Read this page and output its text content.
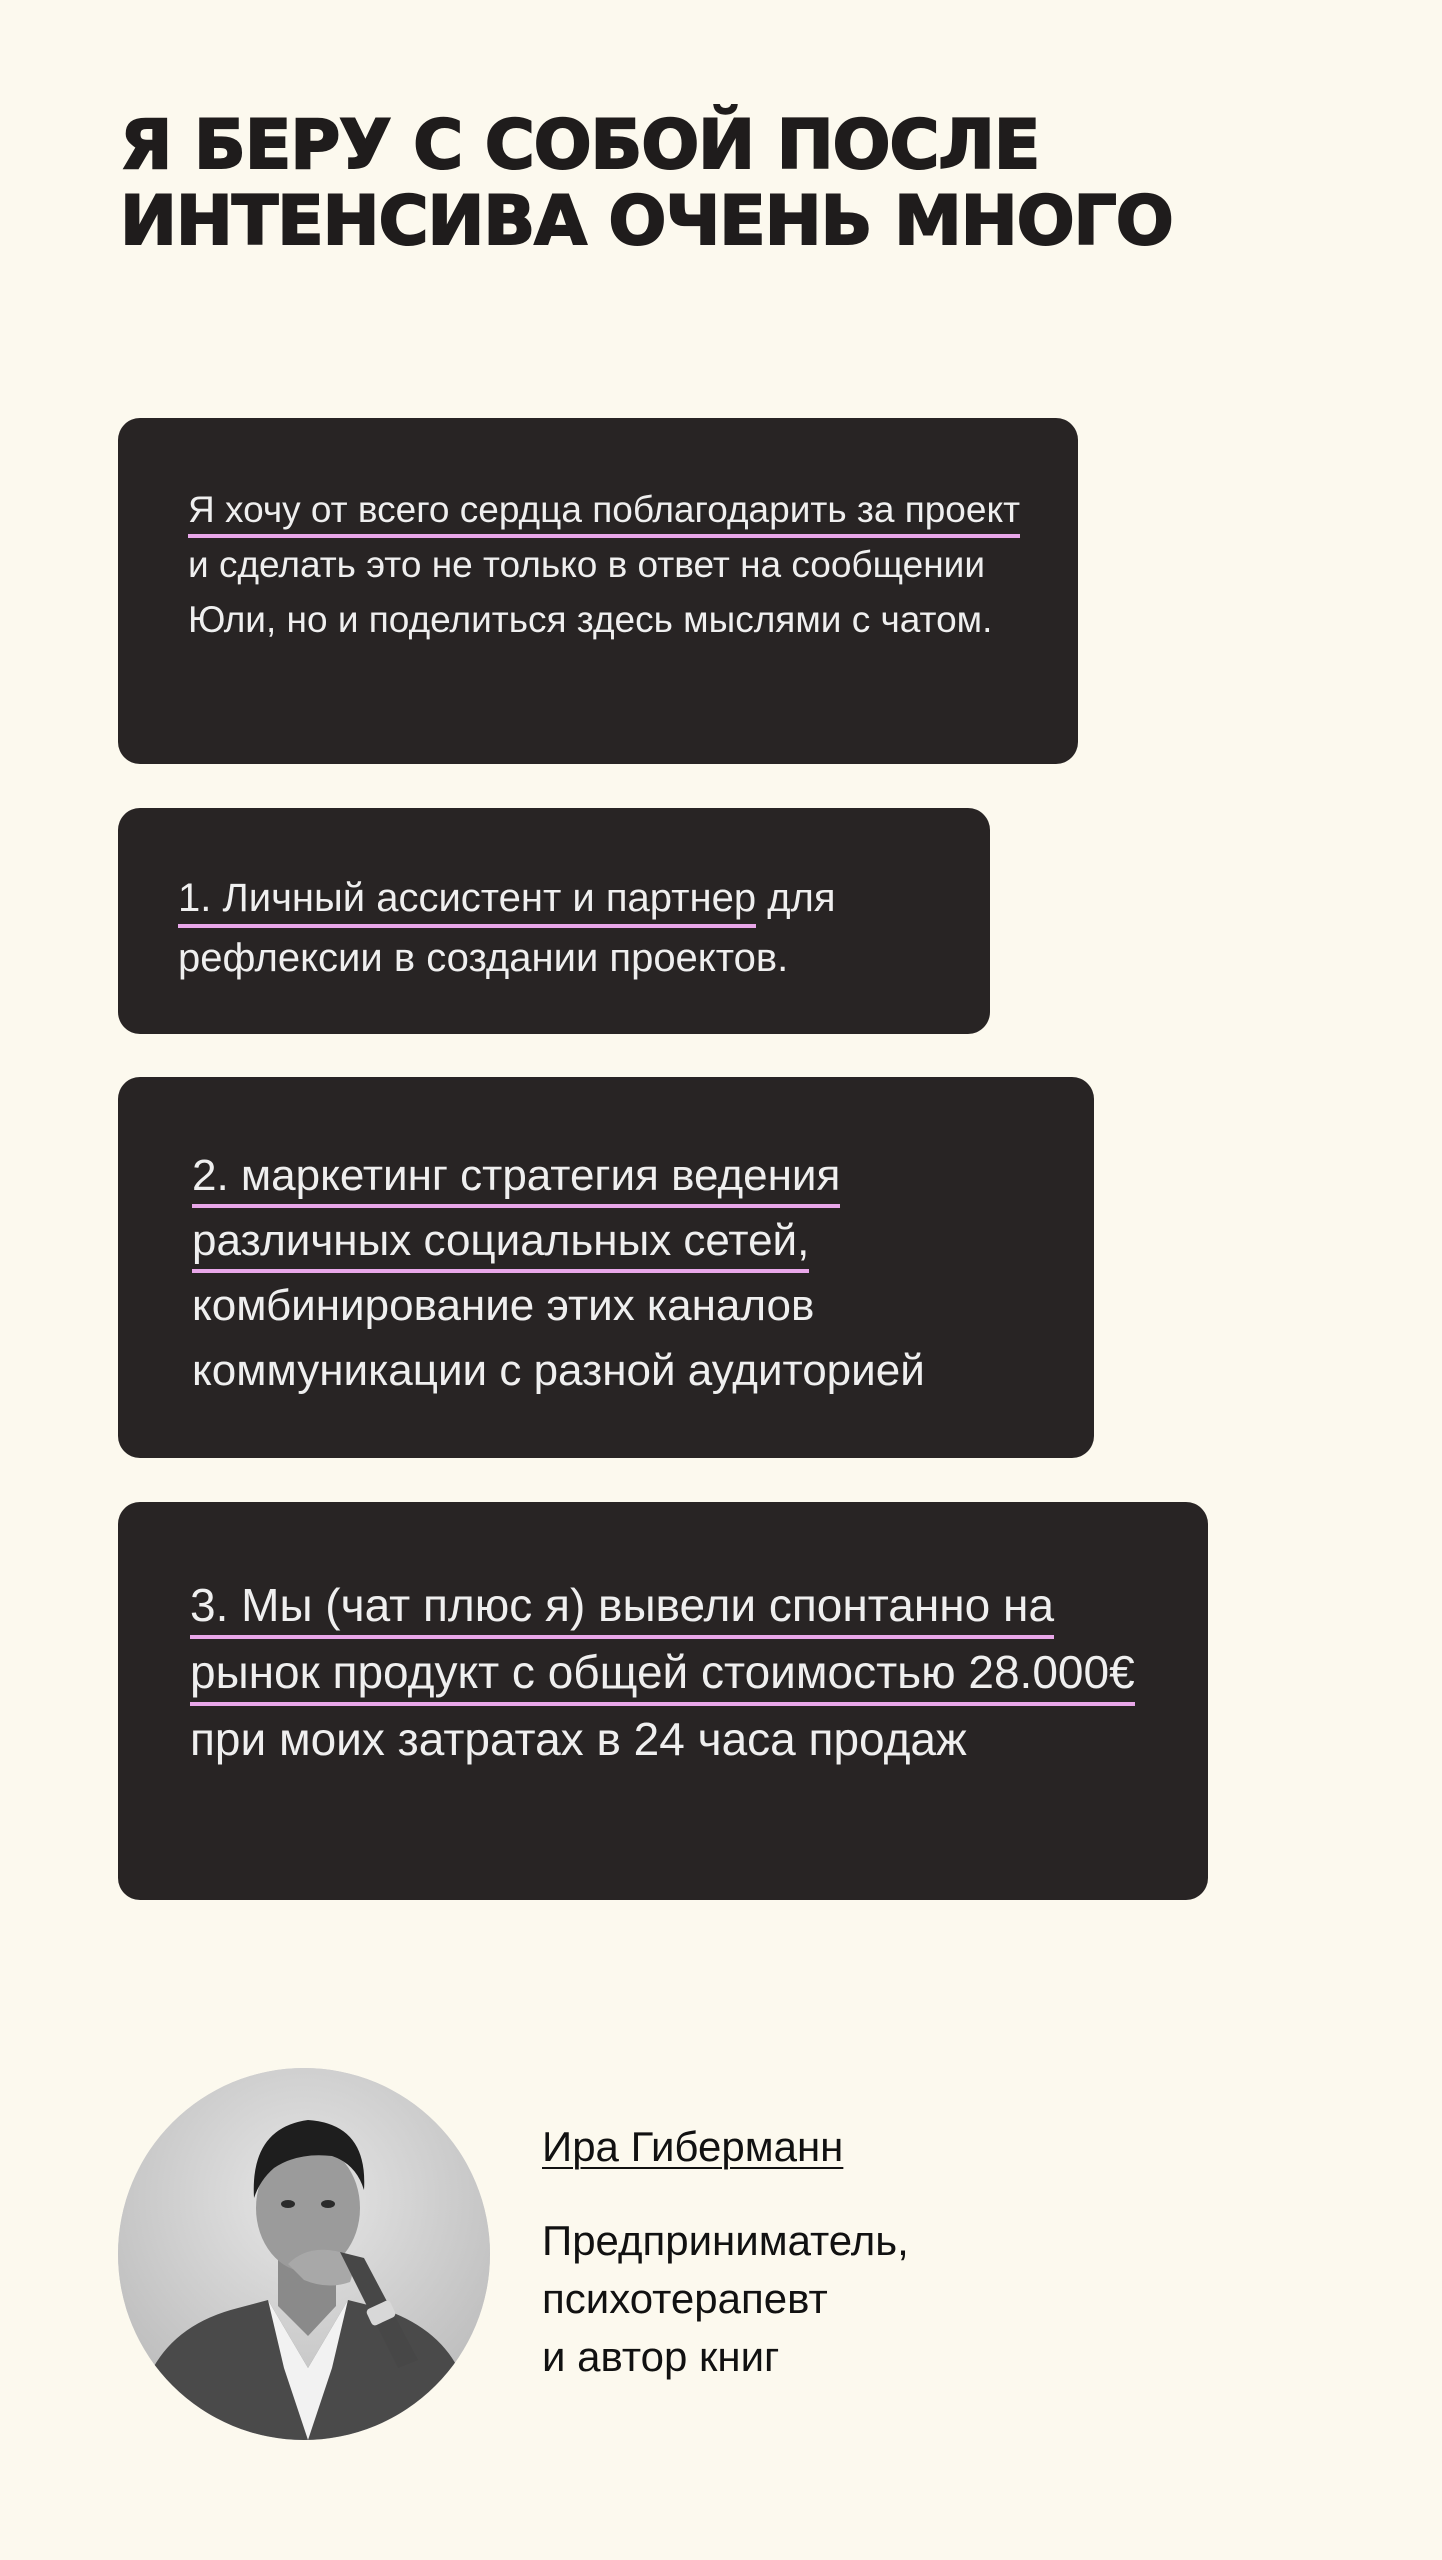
Я БЕРУ С СОБОЙ ПОСЛЕ ИНТЕНСИВА ОЧЕНЬ МНОГО

Я хочу от всего сердца поблагодарить за проект и сделать это не только в ответ на сообщении Юли, но и поделиться здесь мыслями с чатом.

1. Личный ассистент и партнер для рефлексии в создании проектов.

2. маркетинг стратегия ведения различных социальных сетей, комбинирование этих каналов коммуникации с разной аудиторией

3. Мы (чат плюс я) вывели спонтанно на рынок продукт с общей стоимостью 28.000€ при моих затратах в 24 часа продаж

Ира Гиберманн
Предприниматель,
психотерапевт
и автор книг
